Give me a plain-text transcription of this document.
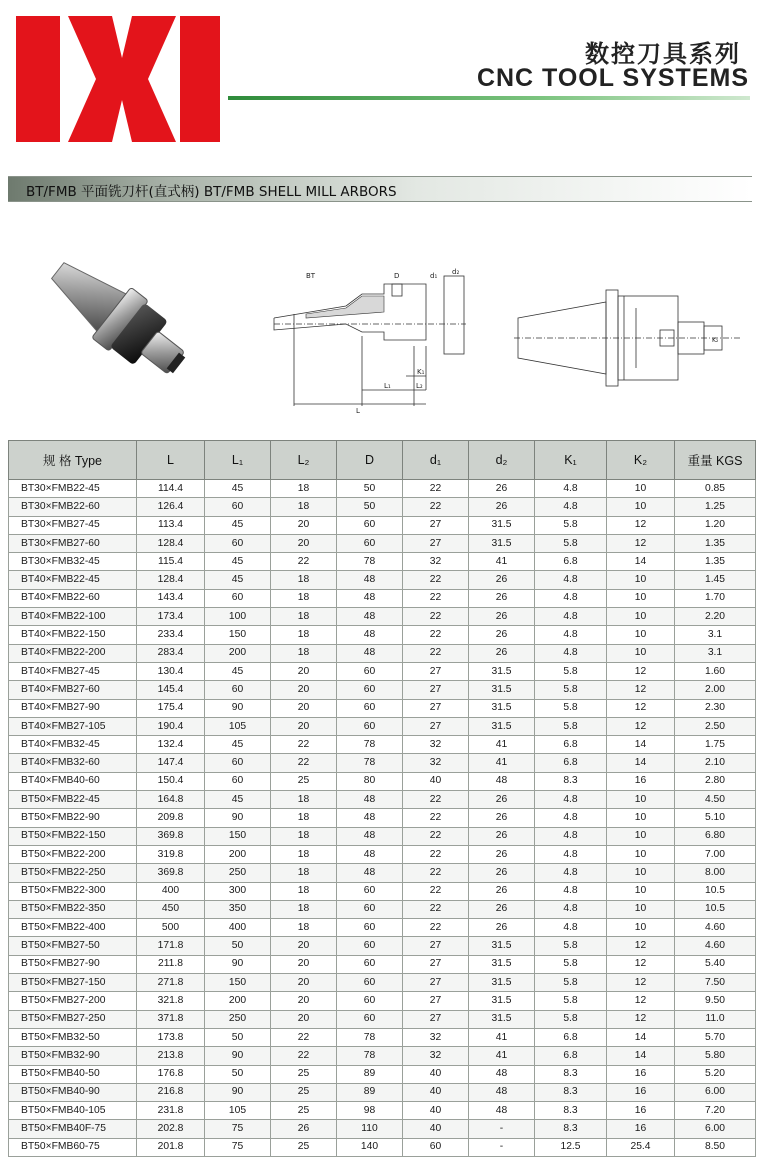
数控刀具系列
CNC TOOL SYSTEMS
BT/FMB 平面铣刀杆(直式柄) BT/FMB SHELL MILL ARBORS
BT	D	d₁ d₂
K₁
L
L₁	L₂
K₂
规 格 Type	L	L₁	L₂	D	d₁	d₂	K₁	K₂	重量 KGS
BT30×FMB22-45	114.4	45	18	50	22	26	4.8	10	0.85
BT30×FMB22-60	126.4	60	18	50	22	26	4.8	10	1.25
BT30×FMB27-45	113.4	45	20	60	27	31.5	5.8	12	1.20
BT30×FMB27-60	128.4	60	20	60	27	31.5	5.8	12	1.35
BT30×FMB32-45	115.4	45	22	78	32	41	6.8	14	1.35
BT40×FMB22-45	128.4	45	18	48	22	26	4.8	10	1.45
BT40×FMB22-60	143.4	60	18	48	22	26	4.8	10	1.70
BT40×FMB22-100	173.4	100	18	48	22	26	4.8	10	2.20
BT40×FMB22-150	233.4	150	18	48	22	26	4.8	10	3.1
BT40×FMB22-200	283.4	200	18	48	22	26	4.8	10	3.1
BT40×FMB27-45	130.4	45	20	60	27	31.5	5.8	12	1.60
BT40×FMB27-60	145.4	60	20	60	27	31.5	5.8	12	2.00
BT40×FMB27-90	175.4	90	20	60	27	31.5	5.8	12	2.30
BT40×FMB27-105	190.4	105	20	60	27	31.5	5.8	12	2.50
BT40×FMB32-45	132.4	45	22	78	32	41	6.8	14	1.75
BT40×FMB32-60	147.4	60	22	78	32	41	6.8	14	2.10
BT40×FMB40-60	150.4	60	25	80	40	48	8.3	16	2.80
BT50×FMB22-45	164.8	45	18	48	22	26	4.8	10	4.50
BT50×FMB22-90	209.8	90	18	48	22	26	4.8	10	5.10
BT50×FMB22-150	369.8	150	18	48	22	26	4.8	10	6.80
BT50×FMB22-200	319.8	200	18	48	22	26	4.8	10	7.00
BT50×FMB22-250	369.8	250	18	48	22	26	4.8	10	8.00
BT50×FMB22-300	400	300	18	60	22	26	4.8	10	10.5
BT50×FMB22-350	450	350	18	60	22	26	4.8	10	10.5
BT50×FMB22-400	500	400	18	60	22	26	4.8	10	4.60
BT50×FMB27-50	171.8	50	20	60	27	31.5	5.8	12	4.60
BT50×FMB27-90	211.8	90	20	60	27	31.5	5.8	12	5.40
BT50×FMB27-150	271.8	150	20	60	27	31.5	5.8	12	7.50
BT50×FMB27-200	321.8	200	20	60	27	31.5	5.8	12	9.50
BT50×FMB27-250	371.8	250	20	60	27	31.5	5.8	12	11.0
BT50×FMB32-50	173.8	50	22	78	32	41	6.8	14	5.70
BT50×FMB32-90	213.8	90	22	78	32	41	6.8	14	5.80
BT50×FMB40-50	176.8	50	25	89	40	48	8.3	16	5.20
BT50×FMB40-90	216.8	90	25	89	40	48	8.3	16	6.00
BT50×FMB40-105	231.8	105	25	98	40	48	8.3	16	7.20
BT50×FMB40F-75	202.8	75	26	110	40	-	8.3	16	6.00
BT50×FMB60-75	201.8	75	25	140	60	-	12.5	25.4	8.50
